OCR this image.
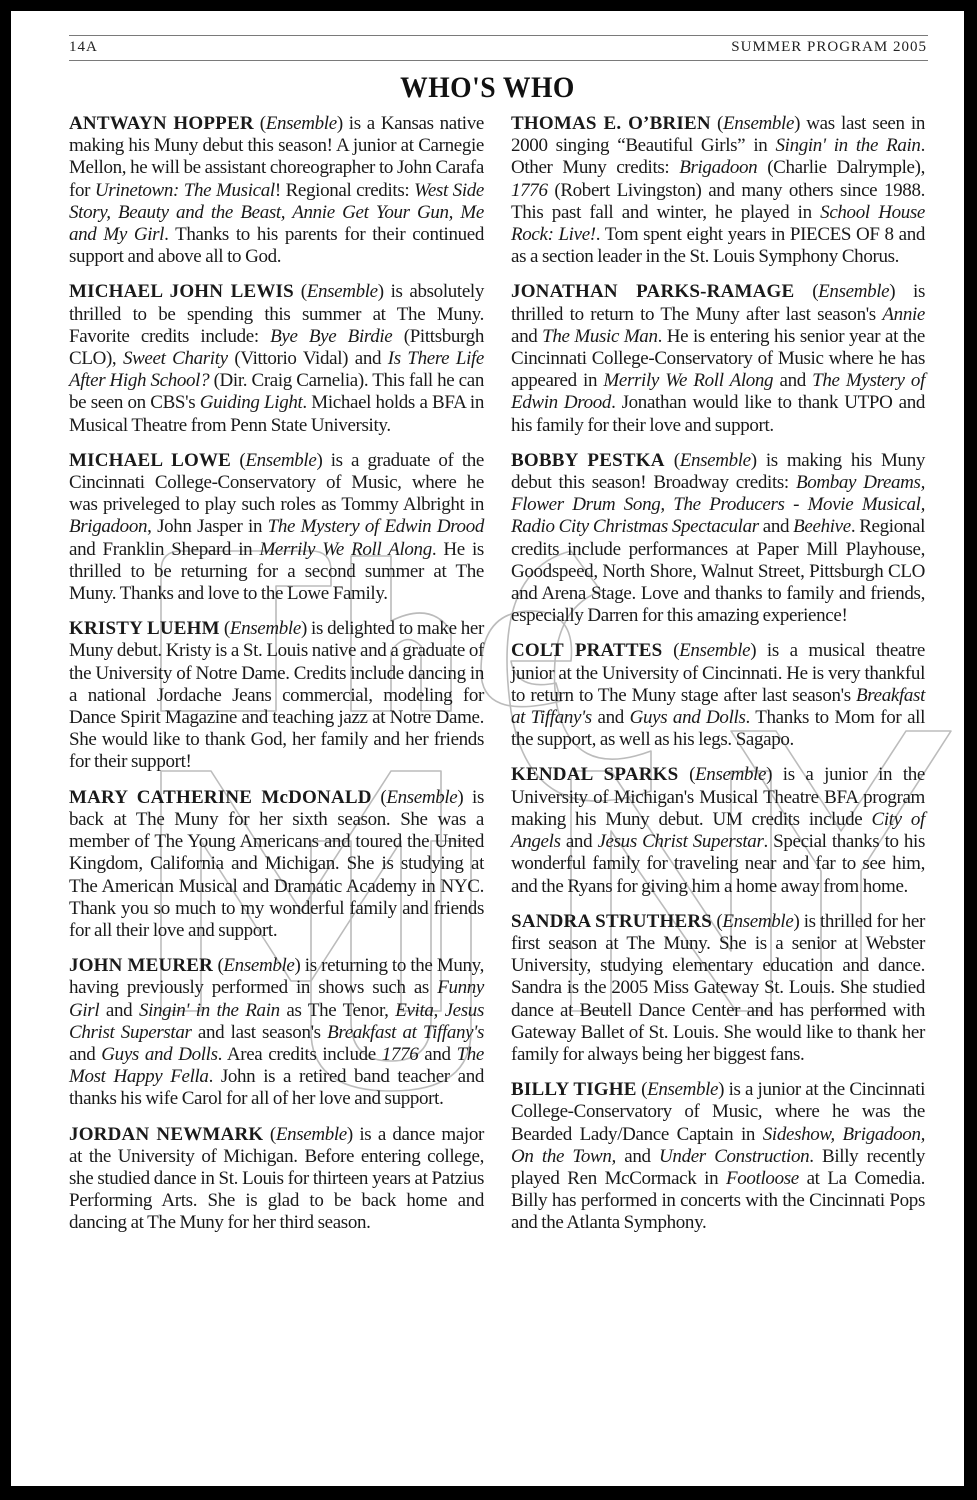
14A	SUMMER PROGRAM 2005
WHO'S WHO

ANTWAYN HOPPER (Ensemble) is a Kansas native making his Muny debut this season! A junior at Carnegie Mellon, he will be assistant choreographer to John Carafa for Urinetown: The Musical! Regional credits: West Side Story, Beauty and the Beast, Annie Get Your Gun, Me and My Girl. Thanks to his parents for their continued support and above all to God.

MICHAEL JOHN LEWIS (Ensemble) is absolutely thrilled to be spending this summer at The Muny. Favorite credits include: Bye Bye Birdie (Pittsburgh CLO), Sweet Charity (Vittorio Vidal) and Is There Life After High School? (Dir. Craig Carnelia). This fall he can be seen on CBS's Guiding Light. Michael holds a BFA in Musical Theatre from Penn State University.

MICHAEL LOWE (Ensemble) is a graduate of the Cincinnati College-Conservatory of Music, where he was priveleged to play such roles as Tommy Albright in Brigadoon, John Jasper in The Mystery of Edwin Drood and Franklin Shepard in Merrily We Roll Along. He is thrilled to be returning for a second summer at The Muny. Thanks and love to the Lowe Family.

KRISTY LUEHM (Ensemble) is delighted to make her Muny debut. Kristy is a St. Louis native and a graduate of the University of Notre Dame. Credits include dancing in a national Jordache Jeans commercial, modeling for Dance Spirit Magazine and teaching jazz at Notre Dame. She would like to thank God, her family and her friends for their support!

MARY CATHERINE McDONALD (Ensemble) is back at The Muny for her sixth season. She was a member of The Young Americans and toured the United Kingdom, California and Michigan. She is studying at The American Musical and Dramatic Academy in NYC. Thank you so much to my wonderful family and friends for all their love and support.

JOHN MEURER (Ensemble) is returning to the Muny, having previously performed in shows such as Funny Girl and Singin' in the Rain as The Tenor, Evita, Jesus Christ Superstar and last season's Breakfast at Tiffany's and Guys and Dolls. Area credits include 1776 and The Most Happy Fella. John is a retired band teacher and thanks his wife Carol for all of her love and support.

JORDAN NEWMARK (Ensemble) is a dance major at the University of Michigan. Before entering college, she studied dance in St. Louis for thirteen years at Patzius Performing Arts. She is glad to be back home and dancing at The Muny for her third season.

THOMAS E. O’BRIEN (Ensemble) was last seen in 2000 singing “Beautiful Girls” in Singin' in the Rain. Other Muny credits: Brigadoon (Charlie Dalrymple), 1776 (Robert Livingston) and many others since 1988. This past fall and winter, he played in School House Rock: Live!. Tom spent eight years in PIECES OF 8 and as a section leader in the St. Louis Symphony Chorus.

JONATHAN PARKS-RAMAGE (Ensemble) is thrilled to return to The Muny after last season's Annie and The Music Man. He is entering his senior year at the Cincinnati College-Conservatory of Music where he has appeared in Merrily We Roll Along and The Mystery of Edwin Drood. Jonathan would like to thank UTPO and his family for their love and support.

BOBBY PESTKA (Ensemble) is making his Muny debut this season! Broadway credits: Bombay Dreams, Flower Drum Song, The Producers - Movie Musical, Radio City Christmas Spectacular and Beehive. Regional credits include performances at Paper Mill Playhouse, Goodspeed, North Shore, Walnut Street, Pittsburgh CLO and Arena Stage. Love and thanks to family and friends, especially Darren for this amazing experience!

COLT PRATTES (Ensemble) is a musical theatre junior at the University of Cincinnati. He is very thankful to return to The Muny stage after last season's Breakfast at Tiffany's and Guys and Dolls. Thanks to Mom for all the support, as well as his legs. Sagapo.

KENDAL SPARKS (Ensemble) is a junior in the University of Michigan's Musical Theatre BFA program making his Muny debut. UM credits include City of Angels and Jesus Christ Superstar. Special thanks to his wonderful family for traveling near and far to see him, and the Ryans for giving him a home away from home.

SANDRA STRUTHERS (Ensemble) is thrilled for her first season at The Muny. She is a senior at Webster University, studying elementary education and dance. Sandra is the 2005 Miss Gateway St. Louis. She studied dance at Beutell Dance Center and has performed with Gateway Ballet of St. Louis. She would like to thank her family for always being her biggest fans.

BILLY TIGHE (Ensemble) is a junior at the Cincinnati College-Conservatory of Music, where he was the Bearded Lady/Dance Captain in Sideshow, Brigadoon, On the Town, and Under Construction. Billy recently played Ren McCormack in Footloose at La Comedia. Billy has performed in concerts with the Cincinnati Pops and the Atlanta Symphony.
